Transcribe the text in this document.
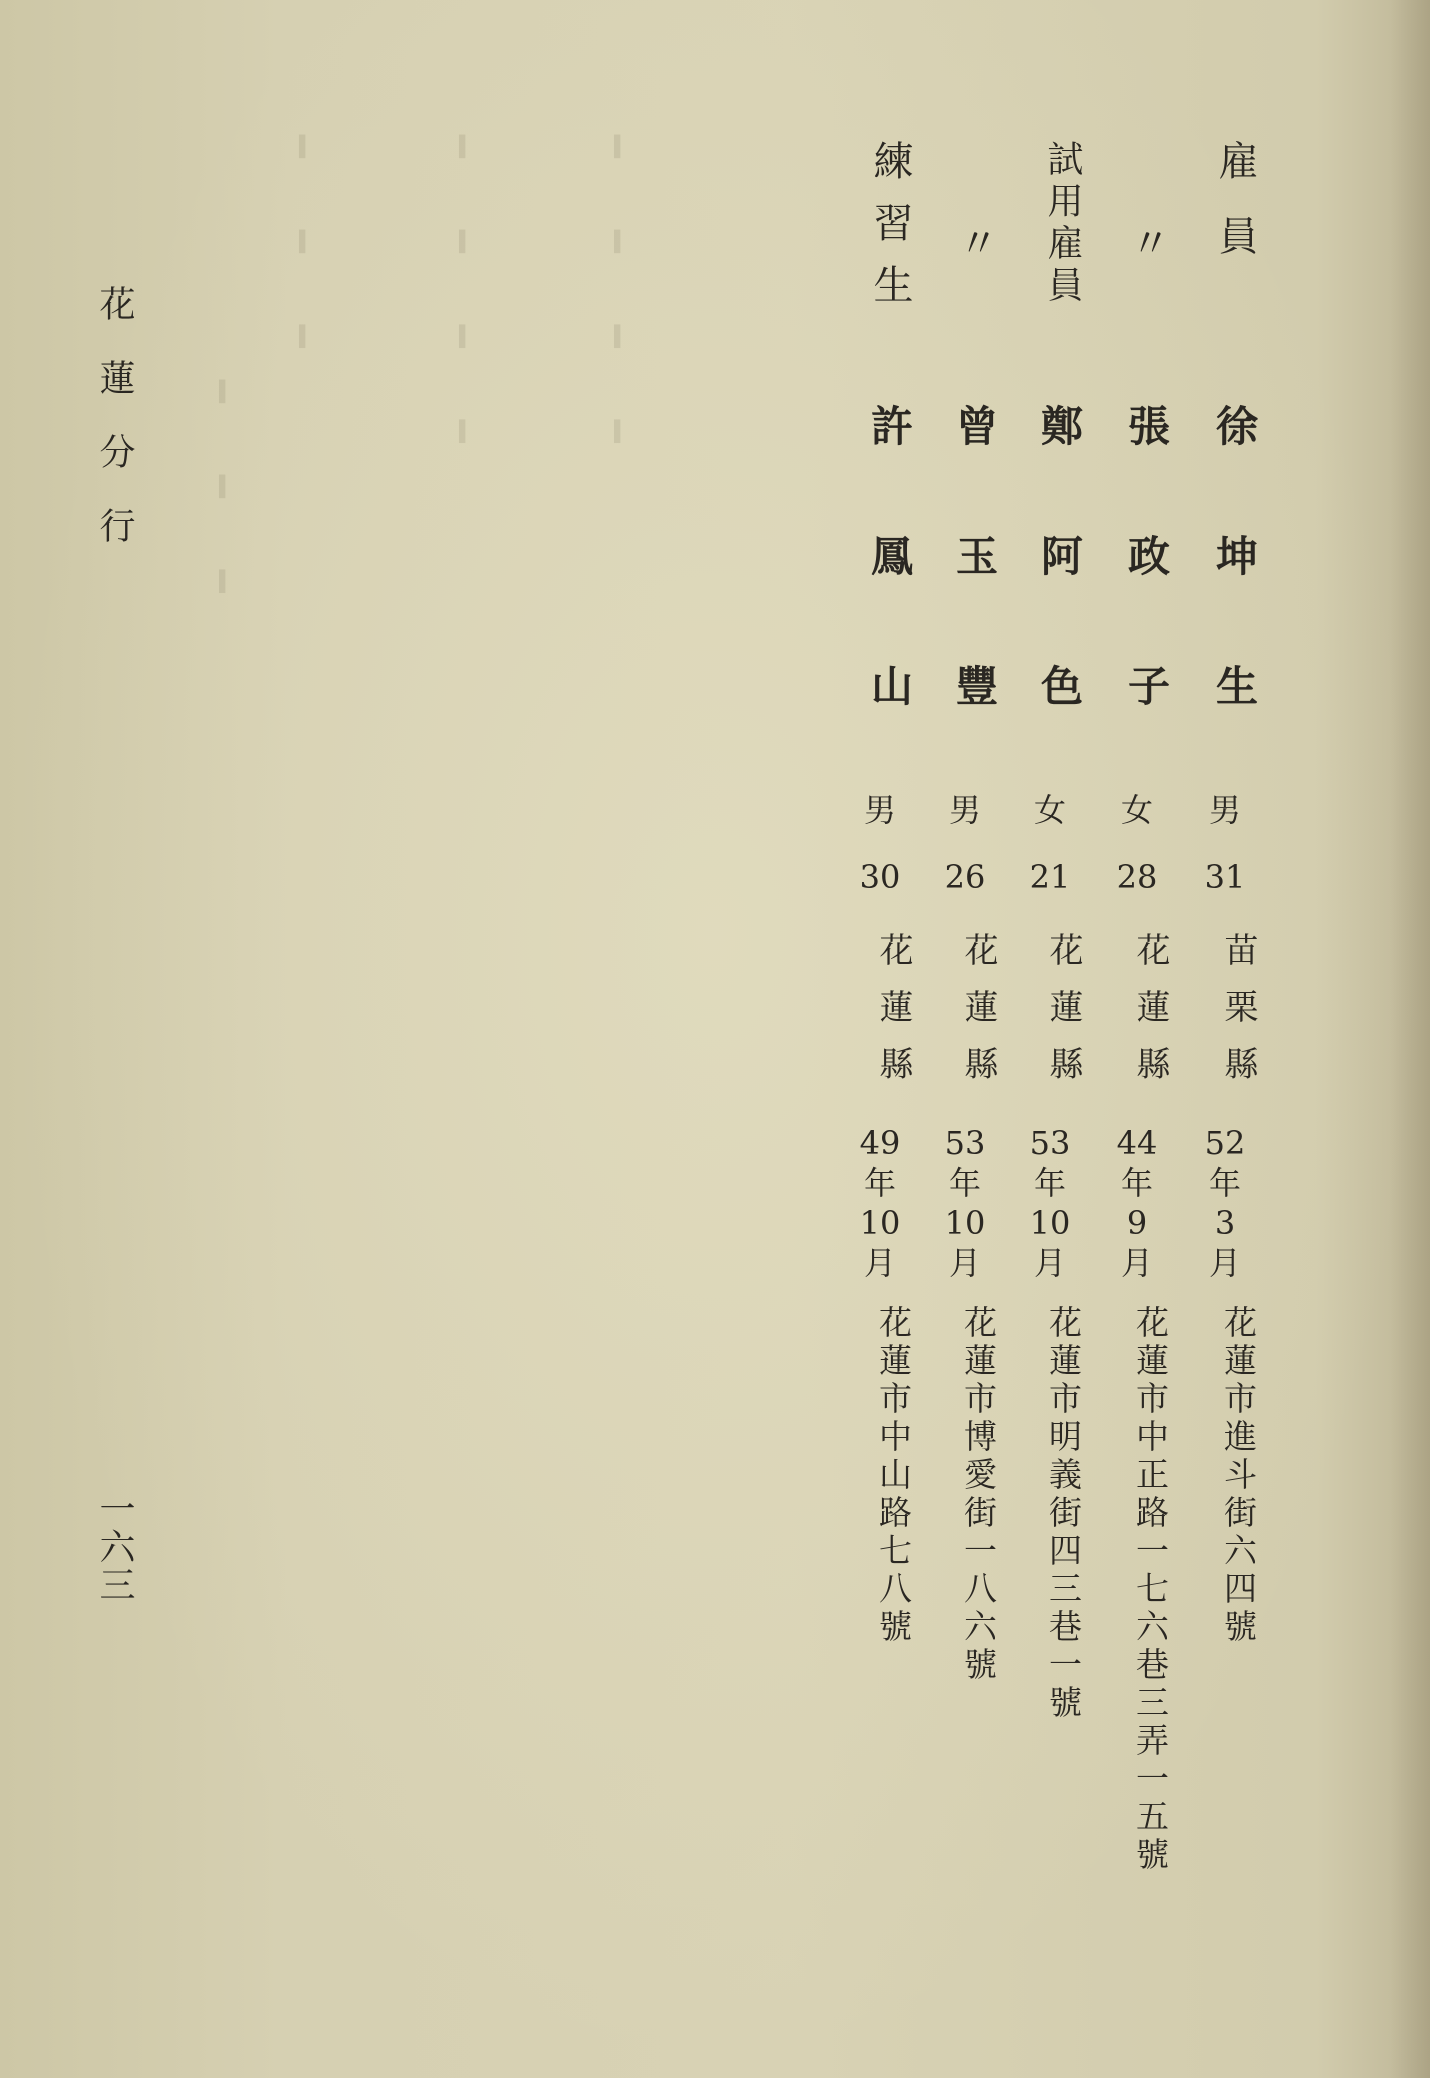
━ ━ ━ ━
━ ━ ━ ━
━ ━ ━
━ ━ ━
雇員
徐坤生
男
31
苗栗縣
52
年
3
月
花蓮市進斗街六四號
〃
張政子
女
28
花蓮縣
44
年
9
月
花蓮市中正路一七六巷三弄一五號
試用雇員
鄭阿色
女
21
花蓮縣
53
年
10
月
花蓮市明義街四三巷一號
〃
曾玉豐
男
26
花蓮縣
53
年
10
月
花蓮市博愛街一八六號
練習生
許鳳山
男
30
花蓮縣
49
年
10
月
花蓮市中山路七八號
花蓮分行
一六三
